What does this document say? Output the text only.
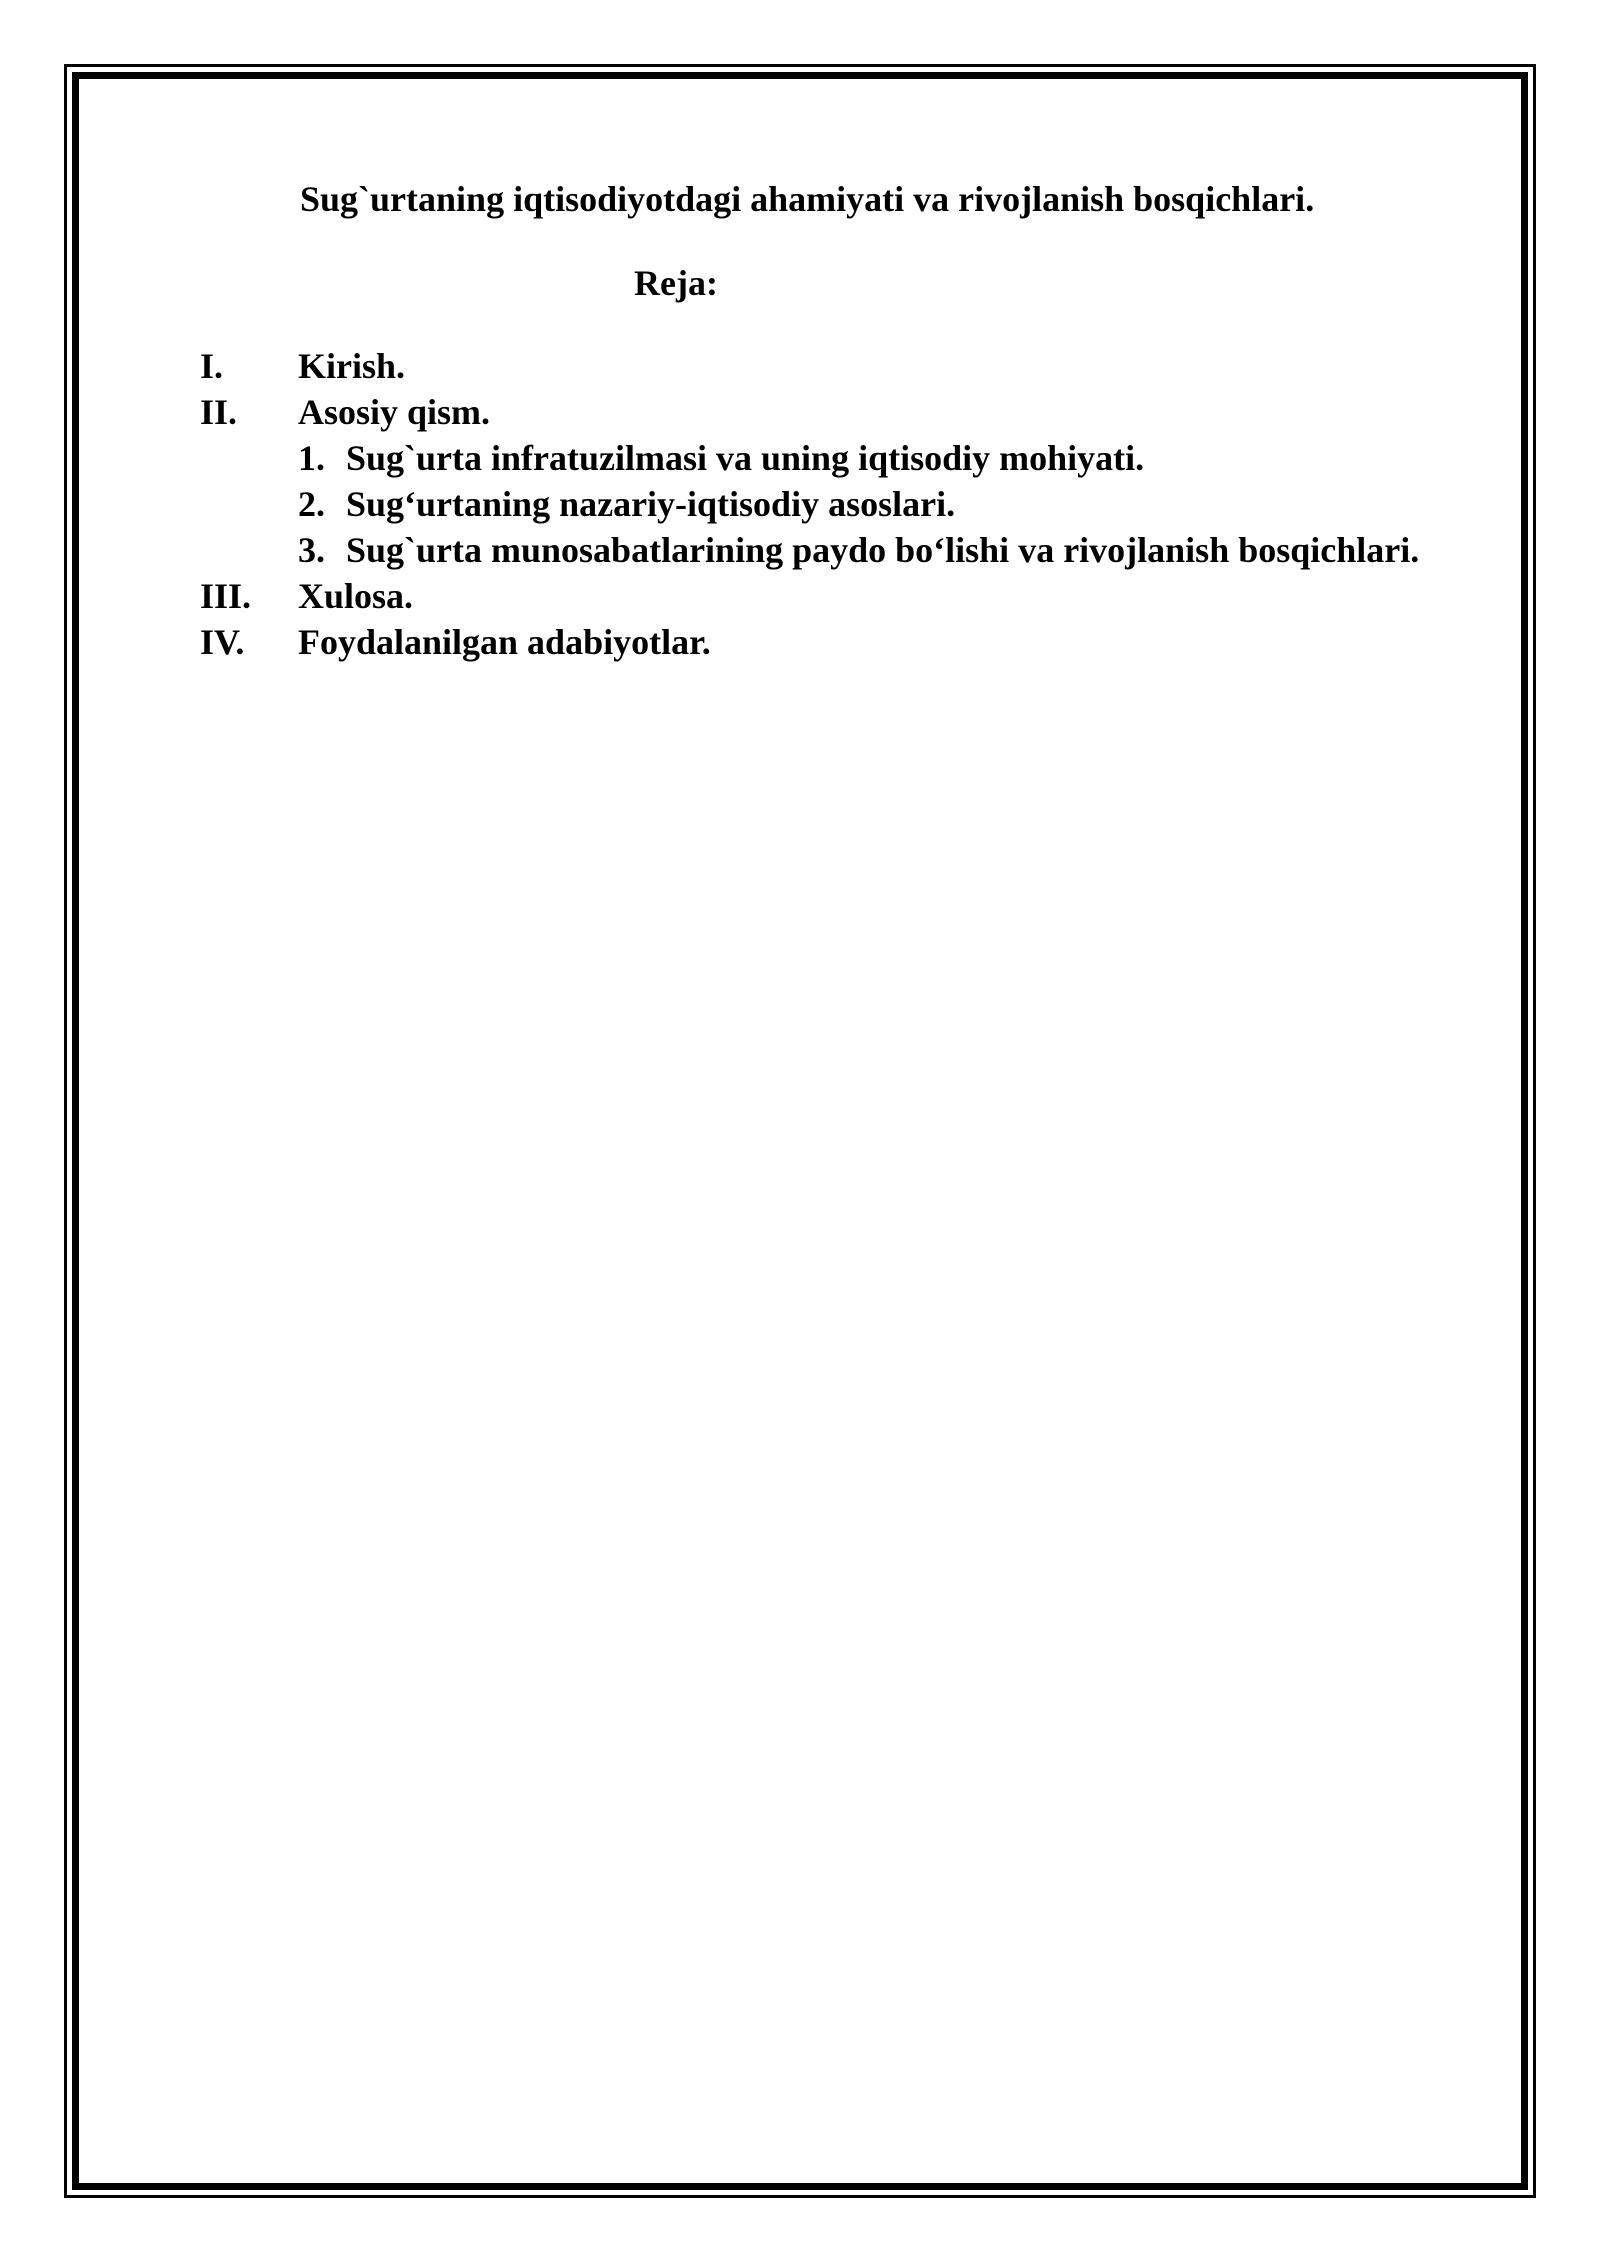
Sug`urtaning iqtisodiyotdagi ahamiyati va rivojlanish bosqichlari.
Reja:
I. Kirish.
II. Asosiy qism.
1. Sug`urta infratuzilmasi va uning iqtisodiy mohiyati.
2. Sug‘urtaning nazariy-iqtisodiy asoslari.
3. Sug`urta munosabatlarining paydo bo‘lishi va rivojlanish bosqichlari.
III. Xulosa.
IV. Foydalanilgan adabiyotlar.
